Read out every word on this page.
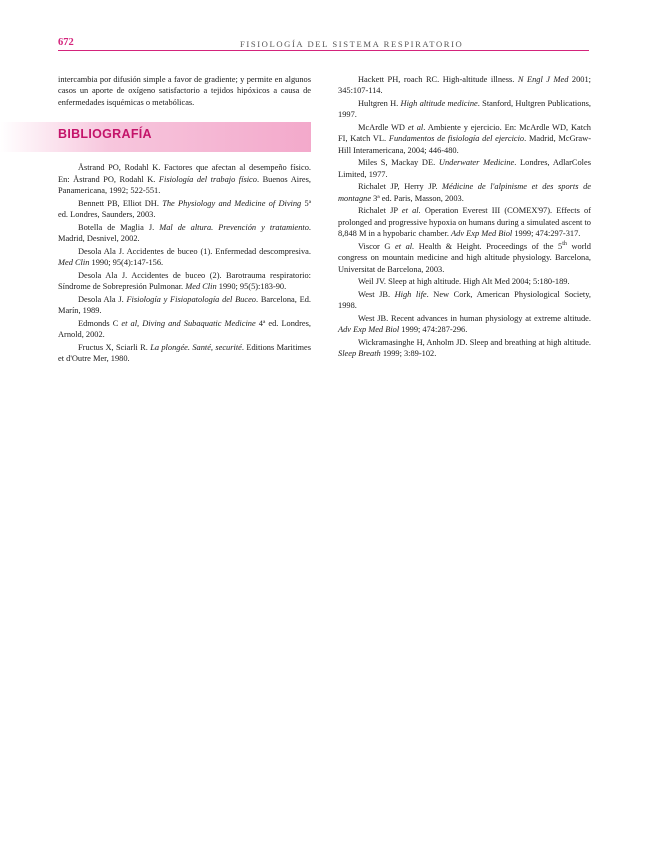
672	FISIOLOGÍA DEL SISTEMA RESPIRATORIO

intercambia por difusión simple a favor de gradiente; y permite en algunos casos un aporte de oxígeno satisfactorio a tejidos hipóxicos a causa de enfermedades isquémicas o metabólicas.

BIBLIOGRAFÍA

Åstrand PO, Rodahl K. Factores que afectan al desempeño físico. En: Åstrand PO, Rodahl K. Fisiología del trabajo físico. Buenos Aires, Panamericana, 1992; 522-551.

Bennett PB, Elliot DH. The Physiology and Medicine of Diving 5ª ed. Londres, Saunders, 2003.

Botella de Maglia J. Mal de altura. Prevención y tratamiento. Madrid, Desnivel, 2002.

Desola Ala J. Accidentes de buceo (1). Enfermedad descompresiva. Med Clin 1990; 95(4):147-156.

Desola Ala J. Accidentes de buceo (2). Barotrauma respiratorio: Síndrome de Sobrepresión Pulmonar. Med Clin 1990; 95(5):183-90.

Desola Ala J. Fisiología y Fisiopatología del Buceo. Barcelona, Ed. Marín, 1989.

Edmonds C et al, Diving and Subaquatic Medicine 4ª ed. Londres, Arnold, 2002.

Fructus X, Sciarli R. La plongée. Santé, securité. Editions Maritimes et d'Outre Mer, 1980.

Hackett PH, roach RC. High-altitude illness. N Engl J Med 2001; 345:107-114.

Hultgren H. High altitude medicine. Stanford, Hultgren Publications, 1997.

McArdle WD et al. Ambiente y ejercicio. En: McArdle WD, Katch FI, Katch VL. Fundamentos de fisiología del ejercicio. Madrid, McGraw-Hill Interamericana, 2004; 446-480.

Miles S, Mackay DE. Underwater Medicine. Londres, AdlarColes Limited, 1977.

Richalet JP, Herry JP. Médicine de l'alpinisme et des sports de montagne 3ª ed. Paris, Masson, 2003.

Richalet JP et al. Operation Everest III (COMEX'97). Effects of prolonged and progressive hypoxia on humans during a simulated ascent to 8,848 M in a hypobaric chamber. Adv Exp Med Biol 1999; 474:297-317.

Viscor G et al. Health & Height. Proceedings of the 5th world congress on mountain medicine and high altitude physiology. Barcelona, Universitat de Barcelona, 2003.

Weil JV. Sleep at high altitude. High Alt Med 2004; 5:180-189.

West JB. High life. New Cork, American Physiological Society, 1998.

West JB. Recent advances in human physiology at extreme altitude. Adv Exp Med Biol 1999; 474:287-296.

Wickramasinghe H, Anholm JD. Sleep and breathing at high altitude. Sleep Breath 1999; 3:89-102.
